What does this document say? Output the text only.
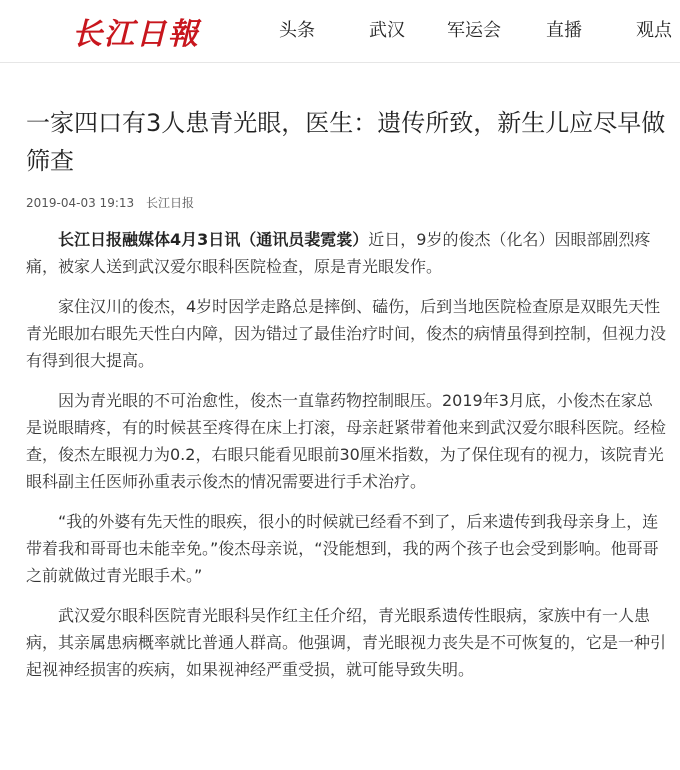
长江日報	头条	武汉 军运会	直播	观点
一家四口有3人患青光眼，医生：遗传所致，新生儿应尽早做筛查
2019-04-03 19:13 长江日报

长江日报融媒体4月3日讯（通讯员裴霓裳）近日，9岁的俊杰（化名）因眼部剧烈疼痛，被家人送到武汉爱尔眼科医院检查，原是青光眼发作。

家住汉川的俊杰，4岁时因学走路总是摔倒、磕伤，后到当地医院检查原是双眼先天性青光眼加右眼先天性白内障，因为错过了最佳治疗时间，俊杰的病情虽得到控制，但视力没有得到很大提高。

因为青光眼的不可治愈性，俊杰一直靠药物控制眼压。2019年3月底，小俊杰在家总是说眼睛疼，有的时候甚至疼得在床上打滚，母亲赶紧带着他来到武汉爱尔眼科医院。经检查，俊杰左眼视力为0.2，右眼只能看见眼前30厘米指数，为了保住现有的视力，该院青光眼科副主任医师孙重表示俊杰的情况需要进行手术治疗。

“我的外婆有先天性的眼疾，很小的时候就已经看不到了，后来遗传到我母亲身上，连带着我和哥哥也未能幸免。”俊杰母亲说，“没能想到，我的两个孩子也会受到影响。他哥哥之前就做过青光眼手术。”

武汉爱尔眼科医院青光眼科吴作红主任介绍，青光眼系遗传性眼病，家族中有一人患病，其亲属患病概率就比普通人群高。他强调，青光眼视力丧失是不可恢复的，它是一种引起视神经损害的疾病，如果视神经严重受损，就可能导致失明。
